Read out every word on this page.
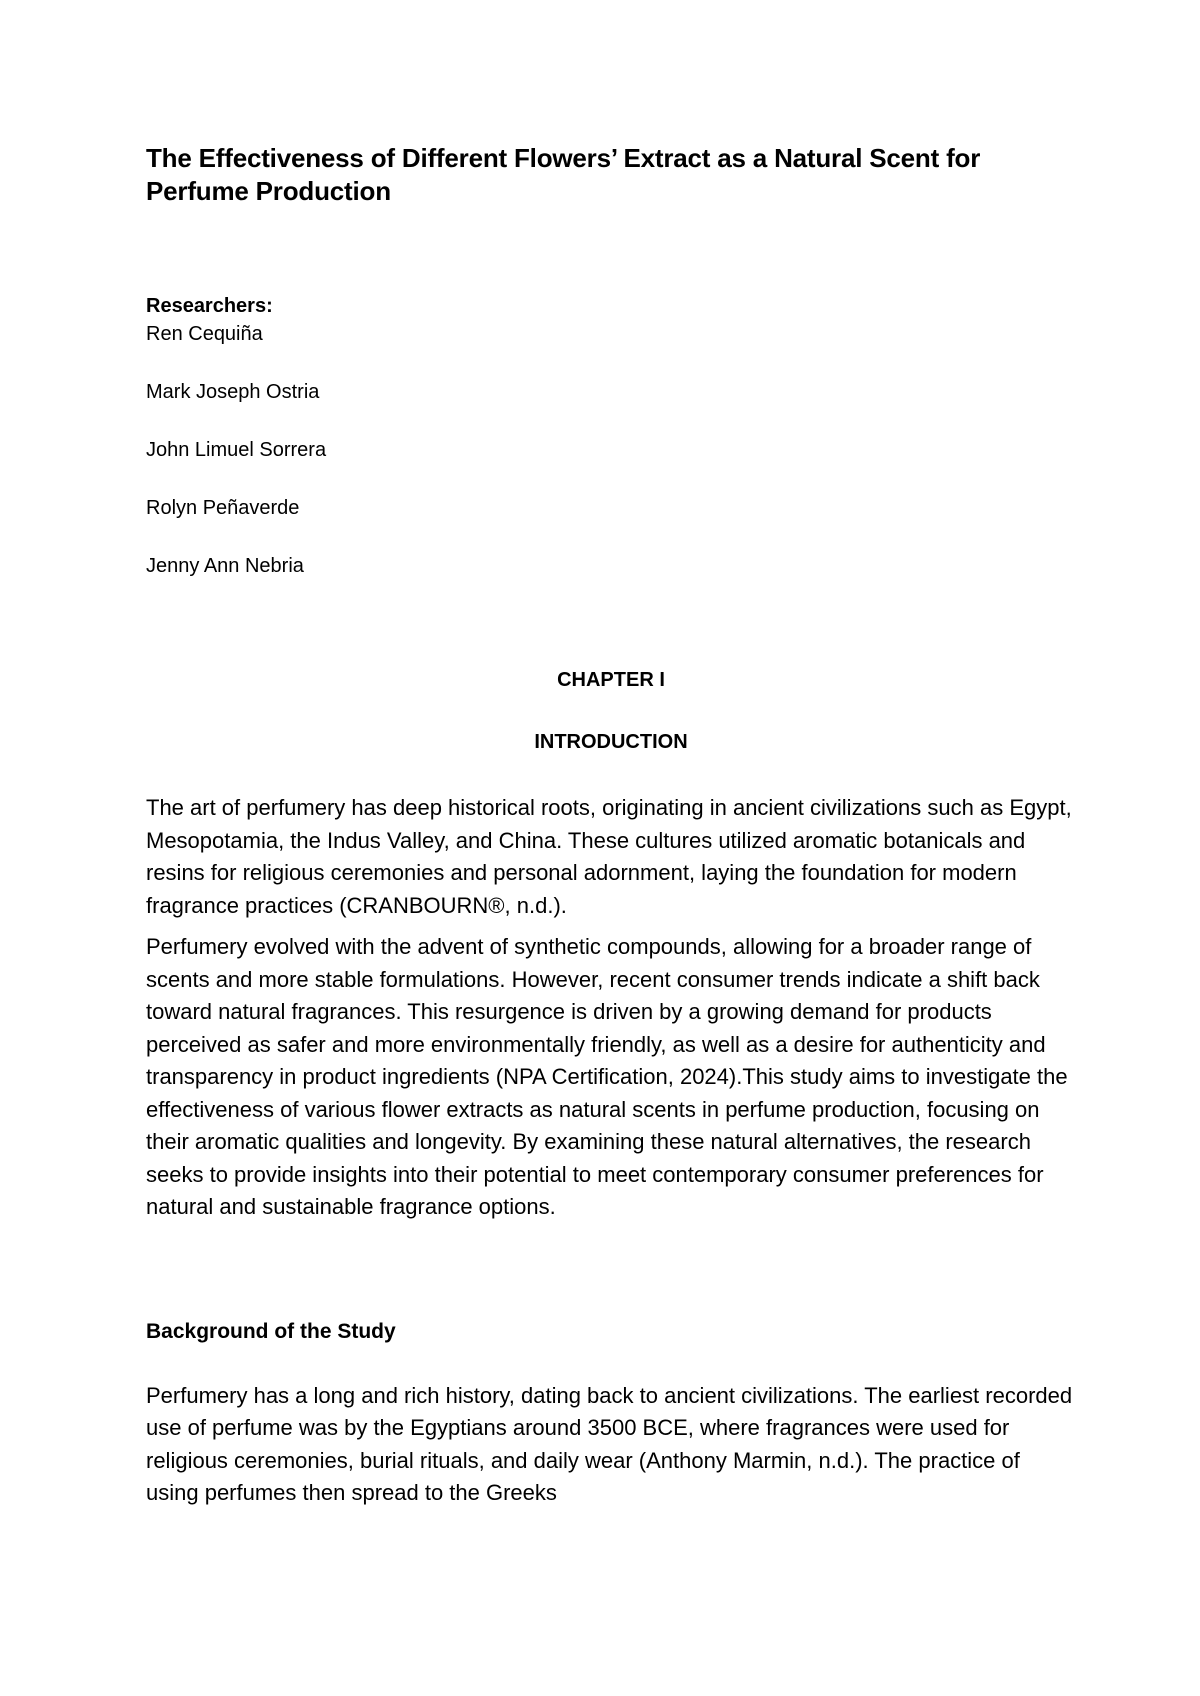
The Effectiveness of Different Flowers’ Extract as a Natural Scent for Perfume Production

Researchers:

Ren Cequiña

Mark Joseph Ostria

John Limuel Sorrera

Rolyn Peñaverde

Jenny Ann Nebria

CHAPTER I

INTRODUCTION

The art of perfumery has deep historical roots, originating in ancient civilizations such as Egypt, Mesopotamia, the Indus Valley, and China. These cultures utilized aromatic botanicals and resins for religious ceremonies and personal adornment, laying the foundation for modern fragrance practices (CRANBOURN®, n.d.).

Perfumery evolved with the advent of synthetic compounds, allowing for a broader range of scents and more stable formulations. However, recent consumer trends indicate a shift back toward natural fragrances. This resurgence is driven by a growing demand for products perceived as safer and more environmentally friendly, as well as a desire for authenticity and transparency in product ingredients (NPA Certification, 2024).This study aims to investigate the effectiveness of various flower extracts as natural scents in perfume production, focusing on their aromatic qualities and longevity. By examining these natural alternatives, the research seeks to provide insights into their potential to meet contemporary consumer preferences for natural and sustainable fragrance options.

Background of the Study

Perfumery has a long and rich history, dating back to ancient civilizations. The earliest recorded use of perfume was by the Egyptians around 3500 BCE, where fragrances were used for religious ceremonies, burial rituals, and daily wear (Anthony Marmin, n.d.). The practice of using perfumes then spread to the Greeks
